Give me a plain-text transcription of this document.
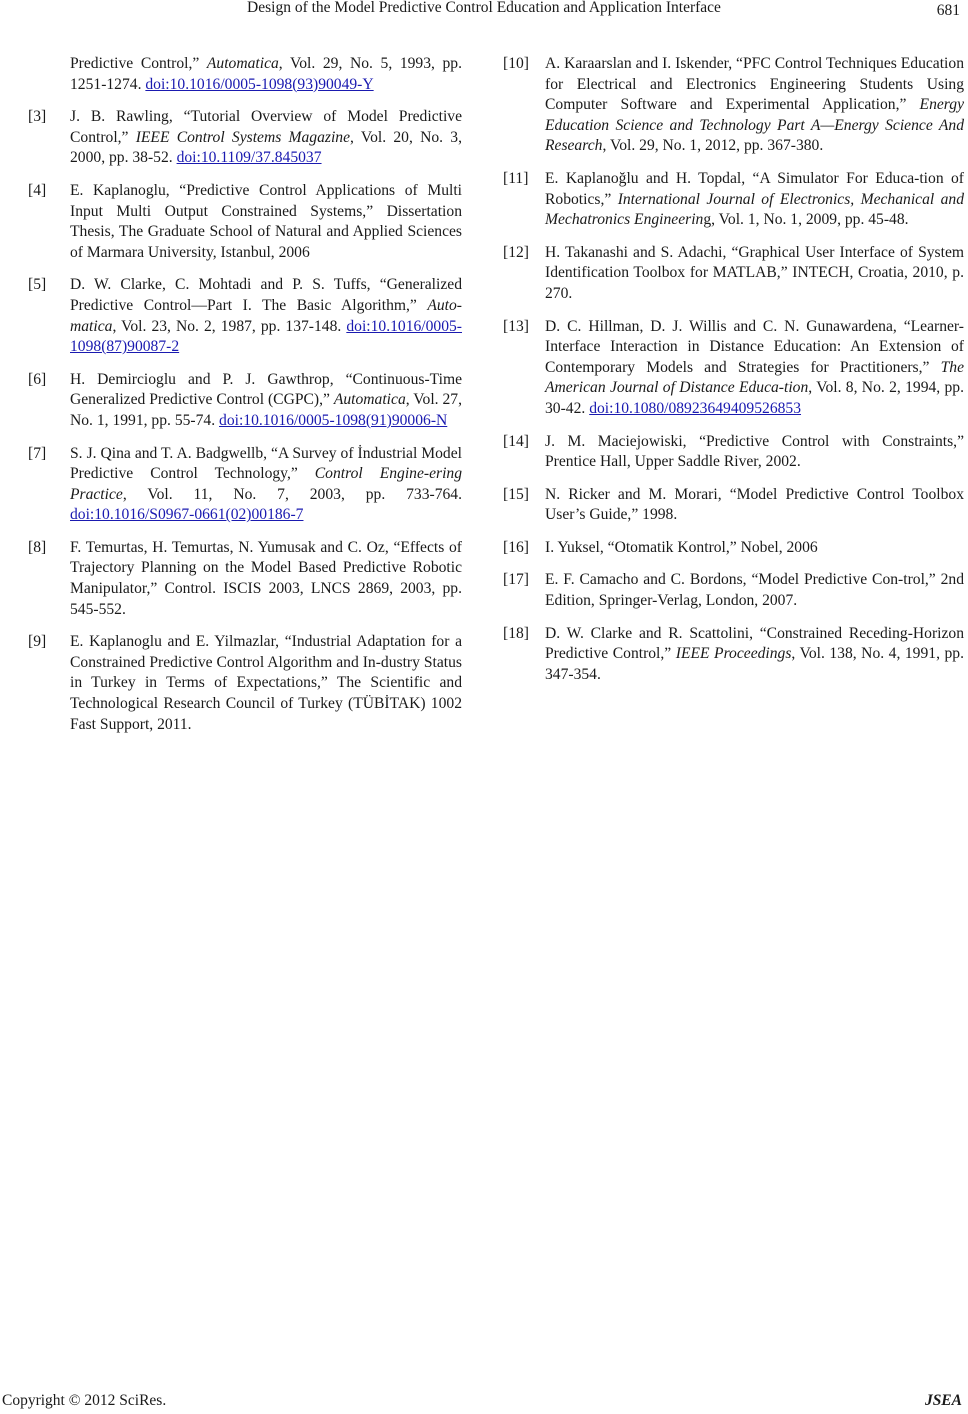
Design of the Model Predictive Control Education and Application Interface	681
Predictive Control,” Automatica, Vol. 29, No. 5, 1993, pp. 1251-1274. doi:10.1016/0005-1098(93)90049-Y
[3]	J. B. Rawling, “Tutorial Overview of Model Predictive Control,” IEEE Control Systems Magazine, Vol. 20, No. 3, 2000, pp. 38-52. doi:10.1109/37.845037
[4]	E. Kaplanoglu, “Predictive Control Applications of Multi Input Multi Output Constrained Systems,” Dissertation Thesis, The Graduate School of Natural and Applied Sciences of Marmara University, Istanbul, 2006
[5]	D. W. Clarke, C. Mohtadi and P. S. Tuffs, “Generalized Predictive Control—Part I. The Basic Algorithm,” Auto-matica, Vol. 23, No. 2, 1987, pp. 137-148. doi:10.1016/0005-1098(87)90087-2
[6]	H. Demircioglu and P. J. Gawthrop, “Continuous-Time Generalized Predictive Control (CGPC),” Automatica, Vol. 27, No. 1, 1991, pp. 55-74. doi:10.1016/0005-1098(91)90006-N
[7]	S. J. Qina and T. A. Badgwellb, “A Survey of İndustrial Model Predictive Control Technology,” Control Engine-ering Practice, Vol. 11, No. 7, 2003, pp. 733-764. doi:10.1016/S0967-0661(02)00186-7
[8]	F. Temurtas, H. Temurtas, N. Yumusak and C. Oz, “Effects of Trajectory Planning on the Model Based Predictive Robotic Manipulator,” Control. ISCIS 2003, LNCS 2869, 2003, pp. 545-552.
[9]	E. Kaplanoglu and E. Yilmazlar, “Industrial Adaptation for a Constrained Predictive Control Algorithm and In-dustry Status in Turkey in Terms of Expectations,” The Scientific and Technological Research Council of Turkey (TÜBİTAK) 1002 Fast Support, 2011.
[10]	A. Karaarslan and I. Iskender, “PFC Control Techniques Education for Electrical and Electronics Engineering Students Using Computer Software and Experimental Application,” Energy Education Science and Technology Part A—Energy Science And Research, Vol. 29, No. 1, 2012, pp. 367-380.
[11]	E. Kaplanoğlu and H. Topdal, “A Simulator For Educa-tion of Robotics,” International Journal of Electronics, Mechanical and Mechatronics Engineering, Vol. 1, No. 1, 2009, pp. 45-48.
[12]	H. Takanashi and S. Adachi, “Graphical User Interface of System Identification Toolbox for MATLAB,” INTECH, Croatia, 2010, p. 270.
[13]	D. C. Hillman, D. J. Willis and C. N. Gunawardena, “Learner-Interface Interaction in Distance Education: An Extension of Contemporary Models and Strategies for Practitioners,” The American Journal of Distance Educa-tion, Vol. 8, No. 2, 1994, pp. 30-42. doi:10.1080/08923649409526853
[14]	J. M. Maciejowiski, “Predictive Control with Constraints,” Prentice Hall, Upper Saddle River, 2002.
[15]	N. Ricker and M. Morari, “Model Predictive Control Toolbox User’s Guide,” 1998.
[16]	I. Yuksel, “Otomatik Kontrol,” Nobel, 2006
[17]	E. F. Camacho and C. Bordons, “Model Predictive Con-trol,” 2nd Edition, Springer-Verlag, London, 2007.
[18]	D. W. Clarke and R. Scattolini, “Constrained Receding-Horizon Predictive Control,” IEEE Proceedings, Vol. 138, No. 4, 1991, pp. 347-354.
Copyright © 2012 SciRes.	JSEA
